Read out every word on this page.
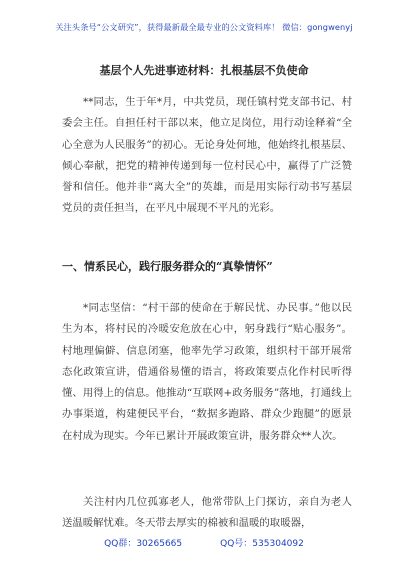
关注头条号“公文研究”，获得最新最全最专业的公文资料库！ 微信：gongwenyj
基层个人先进事迹材料：扎根基层不负使命

**同志，生于年*月，中共党员，现任镇村党支部书记、村委会主任。自担任村干部以来，他立足岗位，用行动诠释着“全心全意为人民服务”的初心。无论身处何地，他始终扎根基层、倾心奉献，把党的精神传递到每一位村民心中，赢得了广泛赞誉和信任。他并非“离大全”的英雄，而是用实际行动书写基层党员的责任担当，在平凡中展现不平凡的光彩。

一、情系民心，践行服务群众的“真挚情怀”

*同志坚信：“村干部的使命在于解民忧、办民事。”他以民生为本，将村民的冷暖安危放在心中，躬身践行“贴心服务”。村地理偏僻、信息闭塞，他率先学习政策，组织村干部开展常态化政策宣讲，借通俗易懂的语言，将政策要点化作村民听得懂、用得上的信息。他推动“互联网+政务服务”落地，打通线上办事渠道，构建便民平台，“数据多跑路、群众少跑腿”的愿景在村成为现实。今年已累计开展政策宣讲，服务群众**人次。

关注村内几位孤寡老人，他常带队上门探访，亲自为老人送温暖解忧难。冬天带去厚实的棉被和温暖的取暖器，

QQ群：30265665	QQ号：535304092
